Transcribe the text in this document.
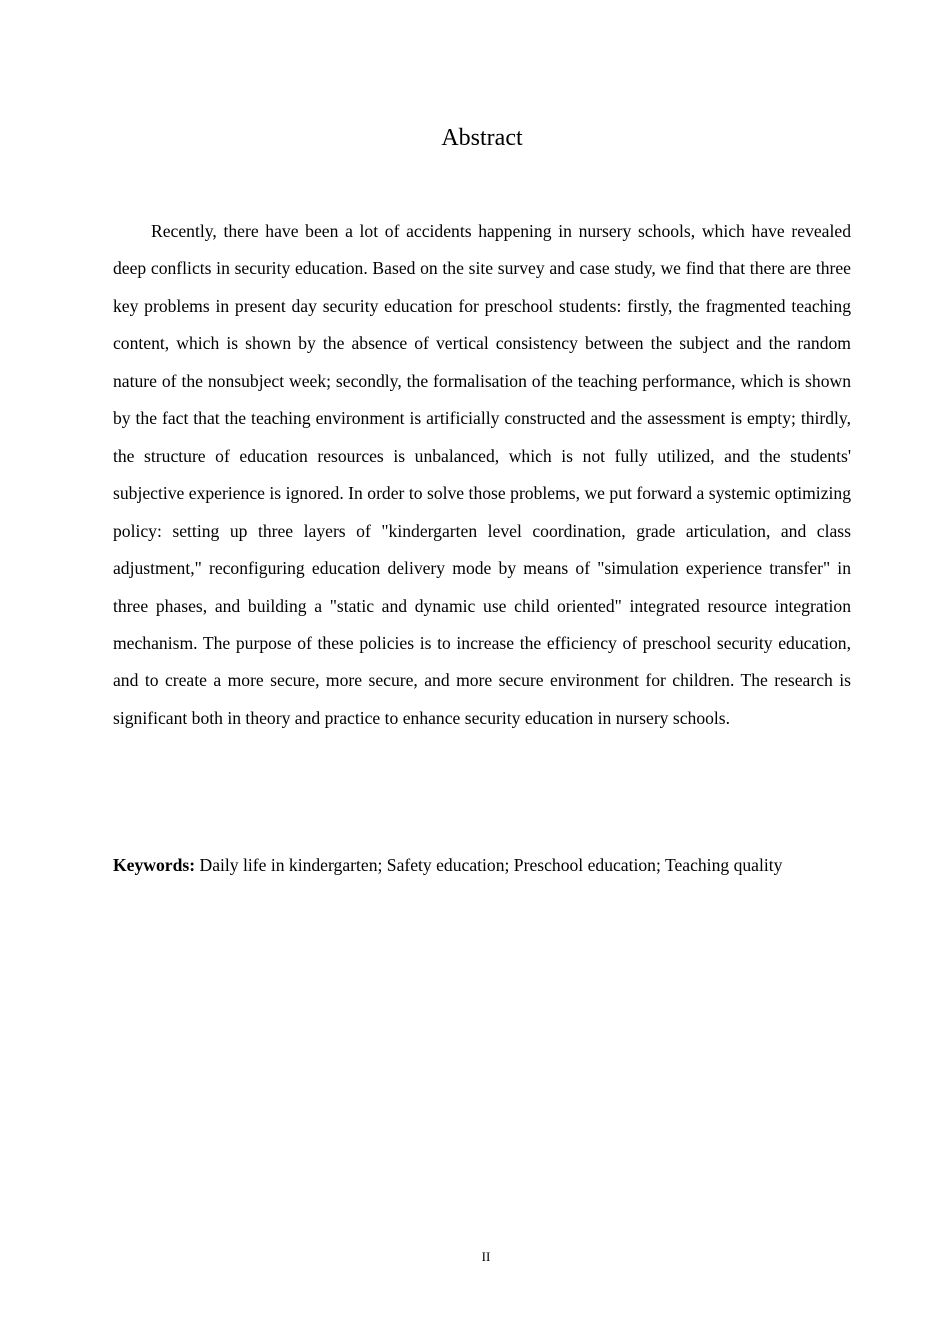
Abstract

Recently, there have been a lot of accidents happening in nursery schools, which have revealed deep conflicts in security education. Based on the site survey and case study, we find that there are three key problems in present day security education for preschool students: firstly, the fragmented teaching content, which is shown by the absence of vertical consistency between the subject and the random nature of the nonsubject week; secondly, the formalisation of the teaching performance, which is shown by the fact that the teaching environment is artificially constructed and the assessment is empty; thirdly, the structure of education resources is unbalanced, which is not fully utilized, and the students' subjective experience is ignored. In order to solve those problems, we put forward a systemic optimizing policy: setting up three layers of "kindergarten level coordination, grade articulation, and class adjustment," reconfiguring education delivery mode by means of "simulation experience transfer" in three phases, and building a "static and dynamic use child oriented" integrated resource integration mechanism. The purpose of these policies is to increase the efficiency of preschool security education, and to create a more secure, more secure, and more secure environment for children. The research is significant both in theory and practice to enhance security education in nursery schools.

Keywords: Daily life in kindergarten; Safety education; Preschool education; Teaching quality

II
